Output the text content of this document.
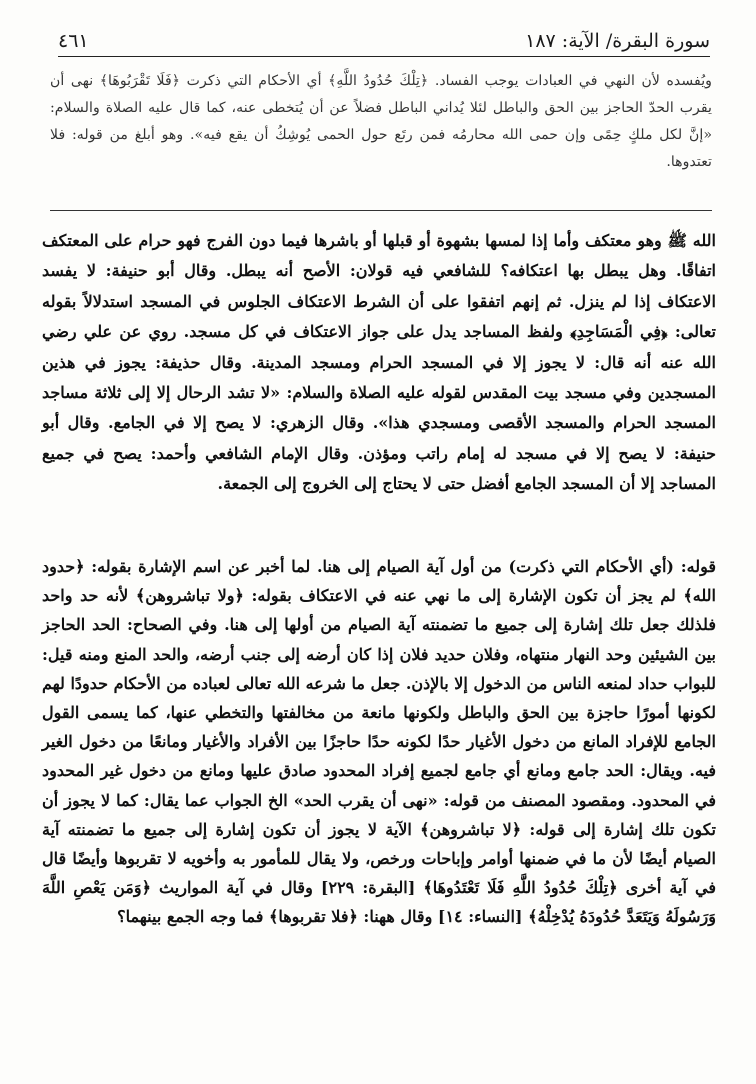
سورة البقرة/ الآية: ١٨٧
٤٦١

ويُفسده لأن النهي في العبادات يوجب الفساد. ﴿تِلْكَ حُدُودُ اللَّهِ﴾ أي الأحكام التي ذكرت ﴿فَلَا تَقْرَبُوهَا﴾ نهى أن يقرب الحدّ الحاجز بين الحق والباطل لئلا يُداني الباطل فضلاً عن أن يُتخطى عنه، كما قال عليه الصلاة والسلام: «إنَّ لكل ملكٍ حِمًى وإن حمى الله محارمُه فمن رتَع حول الحمى يُوشِكُ أن يقع فيه». وهو أبلغ من قوله: فلا تعتدوها.

الله ﷺ وهو معتكف وأما إذا لمسها بشهوة أو قبلها أو باشرها فيما دون الفرج فهو حرام على المعتكف اتفاقًا. وهل يبطل بها اعتكافه؟ للشافعي فيه قولان: الأصح أنه يبطل. وقال أبو حنيفة: لا يفسد الاعتكاف إذا لم ينزل. ثم إنهم اتفقوا على أن الشرط الاعتكاف الجلوس في المسجد استدلالاً بقوله تعالى: ﴿فِي الْمَسَاجِدِ﴾ ولفظ المساجد يدل على جواز الاعتكاف في كل مسجد. روي عن علي رضي الله عنه أنه قال: لا يجوز إلا في المسجد الحرام ومسجد المدينة. وقال حذيفة: يجوز في هذين المسجدين وفي مسجد بيت المقدس لقوله عليه الصلاة والسلام: «لا تشد الرحال إلا إلى ثلاثة مساجد المسجد الحرام والمسجد الأقصى ومسجدي هذا». وقال الزهري: لا يصح إلا في الجامع. وقال أبو حنيفة: لا يصح إلا في مسجد له إمام راتب ومؤذن. وقال الإمام الشافعي وأحمد: يصح في جميع المساجد إلا أن المسجد الجامع أفضل حتى لا يحتاج إلى الخروج إلى الجمعة.

قوله: (أي الأحكام التي ذكرت) من أول آية الصيام إلى هنا. لما أخبر عن اسم الإشارة بقوله: ﴿حدود الله﴾ لم يجز أن تكون الإشارة إلى ما نهي عنه في الاعتكاف بقوله: ﴿ولا تباشروهن﴾ لأنه حد واحد فلذلك جعل تلك إشارة إلى جميع ما تضمنته آية الصيام من أولها إلى هنا. وفي الصحاح: الحد الحاجز بين الشيئين وحد النهار منتهاه، وفلان حديد فلان إذا كان أرضه إلى جنب أرضه، والحد المنع ومنه قيل: للبواب حداد لمنعه الناس من الدخول إلا بالإذن. جعل ما شرعه الله تعالى لعباده من الأحكام حدودًا لهم لكونها أمورًا حاجزة بين الحق والباطل ولكونها مانعة من مخالفتها والتخطي عنها، كما يسمى القول الجامع للإفراد المانع من دخول الأغيار حدًا لكونه حدًا حاجزًا بين الأفراد والأغيار ومانعًا من دخول الغير فيه. ويقال: الحد جامع ومانع أي جامع لجميع إفراد المحدود صادق عليها ومانع من دخول غير المحدود في المحدود. ومقصود المصنف من قوله: «نهى أن يقرب الحد» الخ الجواب عما يقال: كما لا يجوز أن تكون تلك إشارة إلى قوله: ﴿لا تباشروهن﴾ الآية لا يجوز أن تكون إشارة إلى جميع ما تضمنته آية الصيام أيضًا لأن ما في ضمنها أوامر وإباحات ورخص، ولا يقال للمأمور به وأخويه لا تقربوها وأيضًا قال في آية أخرى ﴿تِلْكَ حُدُودُ اللَّهِ فَلَا تَعْتَدُوهَا﴾ [البقرة: ٢٢٩] وقال في آية المواريث ﴿وَمَن يَعْصِ اللَّهَ وَرَسُولَهُ وَيَتَعَدَّ حُدُودَهُ يُدْخِلْهُ﴾ [النساء: ١٤] وقال ههنا: ﴿فلا تقربوها﴾ فما وجه الجمع بينهما؟
